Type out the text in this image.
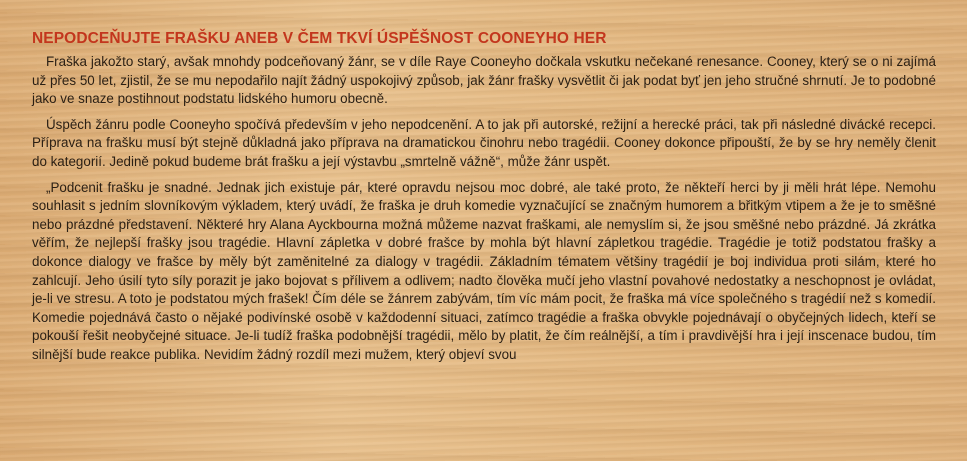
NEPODCEŇUJTE FRAŠKU ANEB V ČEM TKVÍ ÚSPĚŠNOST COONEYHO HER

Fraška jakožto starý, avšak mnohdy podceňovaný žánr, se v díle Raye Cooneyho dočkala vskutku nečekané renesance. Cooney, který se o ni zajímá už přes 50 let, zjistil, že se mu nepodařilo najít žádný uspokojivý způsob, jak žánr frašky vysvětlit či jak podat byť jen jeho stručné shrnutí. Je to podobné jako ve snaze postihnout podstatu lidského humoru obecně.

Úspěch žánru podle Cooneyho spočívá především v jeho nepodcenění. A to jak při autorské, režijní a herecké práci, tak při následné divácké recepci. Příprava na frašku musí být stejně důkladná jako příprava na dramatickou činohru nebo tragédii. Cooney dokonce připouští, že by se hry neměly členit do kategorií. Jedině pokud budeme brát frašku a její výstavbu „smrtelně vážně“, může žánr uspět.

„Podcenit frašku je snadné. Jednak jich existuje pár, které opravdu nejsou moc dobré, ale také proto, že někteří herci by ji měli hrát lépe. Nemohu souhlasit s jedním slovníkovým výkladem, který uvádí, že fraška je druh komedie vyznačující se značným humorem a břitkým vtipem a že je to směšné nebo prázdné představení. Některé hry Alana Ayckbourna možná můžeme nazvat fraškami, ale nemyslím si, že jsou směšné nebo prázdné. Já zkrátka věřím, že nejlepší frašky jsou tragédie. Hlavní zápletka v dobré frašce by mohla být hlavní zápletkou tragédie. Tragédie je totiž podstatou frašky a dokonce dialogy ve frašce by měly být zaměnitelné za dialogy v tragédii. Základním tématem většiny tragédií je boj individua proti silám, které ho zahlcují. Jeho úsilí tyto síly porazit je jako bojovat s přílivem a odlivem; nadto člověka mučí jeho vlastní povahové nedostatky a neschopnost je ovládat, je-li ve stresu. A toto je podstatou mých frašek! Čím déle se žánrem zabývám, tím víc mám pocit, že fraška má více společného s tragédií než s komedií. Komedie pojednává často o nějaké podivínské osobě v každodenní situaci, zatímco tragédie a fraška obvykle pojednávají o obyčejných lidech, kteří se pokouší řešit neobyčejné situace. Je-li tudíž fraška podobnější tragédii, mělo by platit, že čím reálnější, a tím i pravdivější hra i její inscenace budou, tím silnější bude reakce publika. Nevidím žádný rozdíl mezi mužem, který objeví svou
